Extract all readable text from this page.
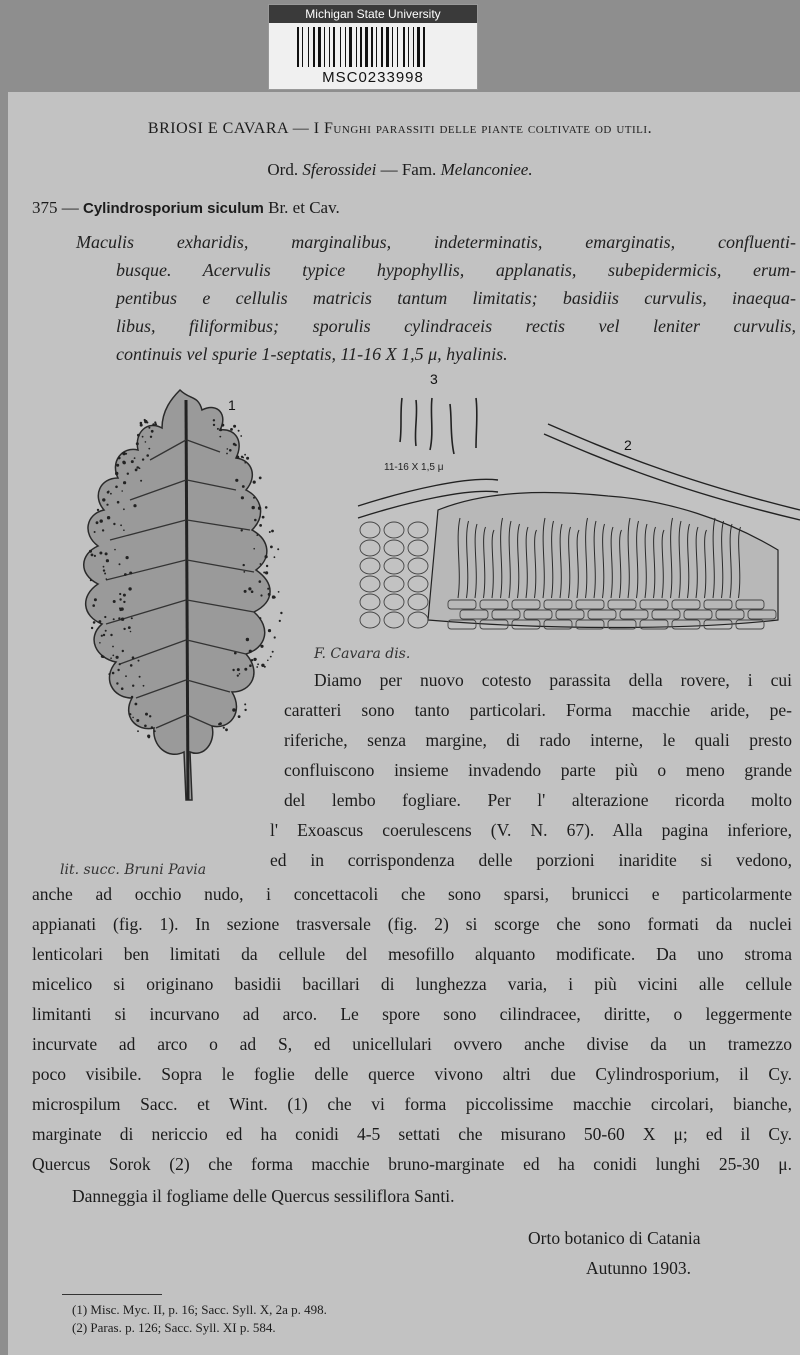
Michigan State University
MSC0233998
BRIOSI E CAVARA — I Funghi parassiti delle piante coltivate od utili.
Ord. Sferossidei — Fam. Melanconiee.
375 — Cylindrosporium siculum Br. et Cav.
Maculis exharidis, marginalibus, indeterminatis, emarginatis, confluenti-
busque. Acervulis typice hypophyllis, applanatis, subepidermicis, erum-
pentibus e cellulis matricis tantum limitatis; basidiis curvulis, inaequa-
libus, filiformibus; sporulis cylindraceis rectis vel leniter curvulis,
continuis vel spurie 1-septatis, 11-16 X 1,5 μ, hyalinis.
1
3
11-16 X 1,5 μ
2
F. Cavara dis.
lit. succ. Bruni Pavia
Diamo per nuovo cotesto parassita della rovere, i cui
caratteri sono tanto particolari. Forma macchie aride, pe-
riferiche, senza margine, di rado interne, le quali presto
confluiscono insieme invadendo parte più o meno grande
del lembo fogliare. Per l' alterazione ricorda molto
l' Exoascus coerulescens (V. N. 67). Alla pagina inferiore,
ed in corrispondenza delle porzioni inaridite si vedono,
anche ad occhio nudo, i concettacoli che sono sparsi, brunicci e particolarmente
appianati (fig. 1). In sezione trasversale (fig. 2) si scorge che sono formati da nuclei
lenticolari ben limitati da cellule del mesofillo alquanto modificate. Da uno stroma
micelico si originano basidii bacillari di lunghezza varia, i più vicini alle cellule
limitanti si incurvano ad arco. Le spore sono cilindracee, diritte, o leggermente
incurvate ad arco o ad S, ed unicellulari ovvero anche divise da un tramezzo
poco visibile. Sopra le foglie delle querce vivono altri due Cylindrosporium, il Cy.
microspilum Sacc. et Wint. (1) che vi forma piccolissime macchie circolari, bianche,
marginate di nericcio ed ha conidi 4-5 settati che misurano 50-60 X μ; ed il Cy.
Quercus Sorok (2) che forma macchie bruno-marginate ed ha conidi lunghi 25-30 μ.
Danneggia il fogliame delle Quercus sessiliflora Santi.
Orto botanico di Catania
Autunno 1903.
(1) Misc. Myc. II, p. 16; Sacc. Syll. X, 2a p. 498.
(2) Paras. p. 126; Sacc. Syll. XI p. 584.
